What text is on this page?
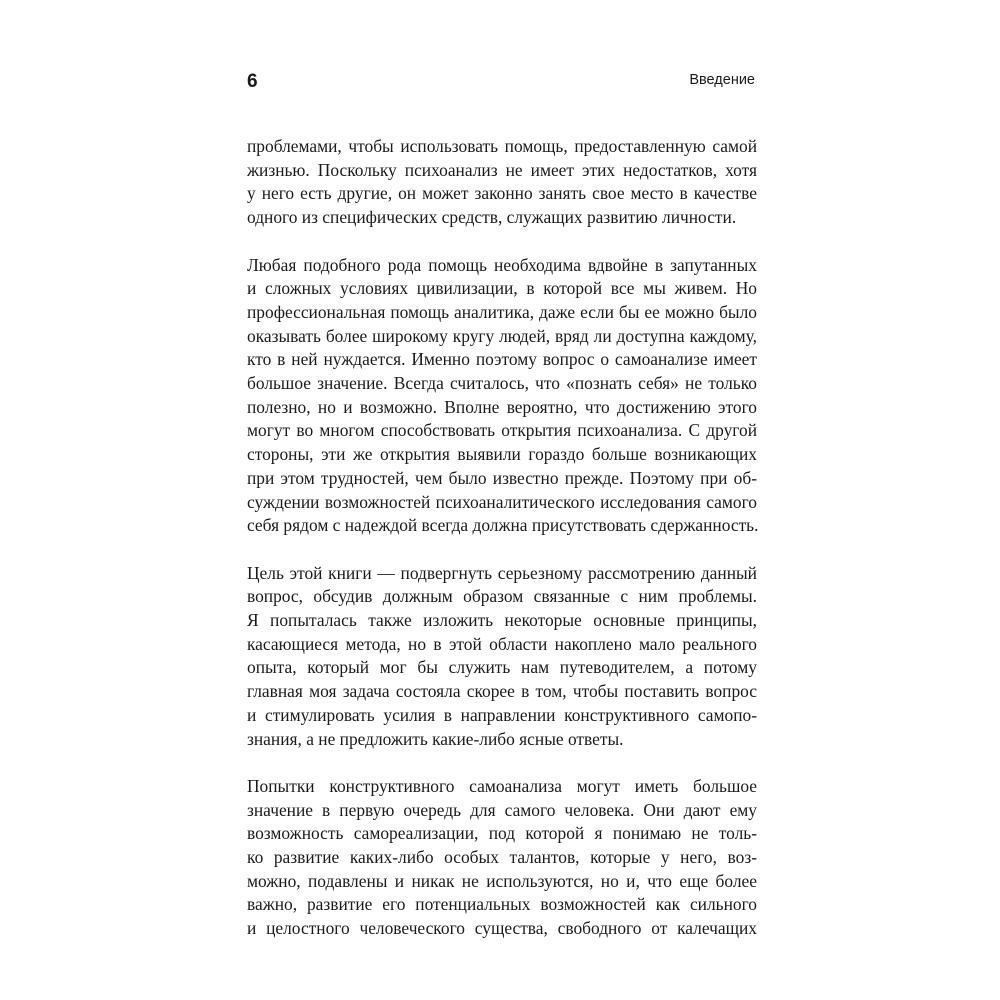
6	Введение

проблемами, чтобы использовать помощь, предоставленную самой
жизнью. Поскольку психоанализ не имеет этих недостатков, хотя
у него есть другие, он может законно занять свое место в качестве
одного из специфических средств, служащих развитию личности.

Любая подобного рода помощь необходима вдвойне в запутанных
и сложных условиях цивилизации, в которой все мы живем. Но
профессиональная помощь аналитика, даже если бы ее можно было
оказывать более широкому кругу людей, вряд ли доступна каждому,
кто в ней нуждается. Именно поэтому вопрос о самоанализе имеет
большое значение. Всегда считалось, что «познать себя» не только
полезно, но и возможно. Вполне вероятно, что достижению этого
могут во многом способствовать открытия психоанализа. С другой
стороны, эти же открытия выявили гораздо больше возникающих
при этом трудностей, чем было известно прежде. Поэтому при об-
суждении возможностей психоаналитического исследования самого
себя рядом с надеждой всегда должна присутствовать сдержанность.

Цель этой книги — подвергнуть серьезному рассмотрению данный
вопрос, обсудив должным образом связанные с ним проблемы.
Я попыталась также изложить некоторые основные принципы,
касающиеся метода, но в этой области накоплено мало реального
опыта, который мог бы служить нам путеводителем, а потому
главная моя задача состояла скорее в том, чтобы поставить вопрос
и стимулировать усилия в направлении конструктивного самопо-
знания, а не предложить какие-либо ясные ответы.

Попытки конструктивного самоанализа могут иметь большое
значение в первую очередь для самого человека. Они дают ему
возможность самореализации, под которой я понимаю не толь-
ко развитие каких-либо особых талантов, которые у него, воз-
можно, подавлены и никак не используются, но и, что еще более
важно, развитие его потенциальных возможностей как сильного
и целостного человеческого существа, свободного от калечащих
